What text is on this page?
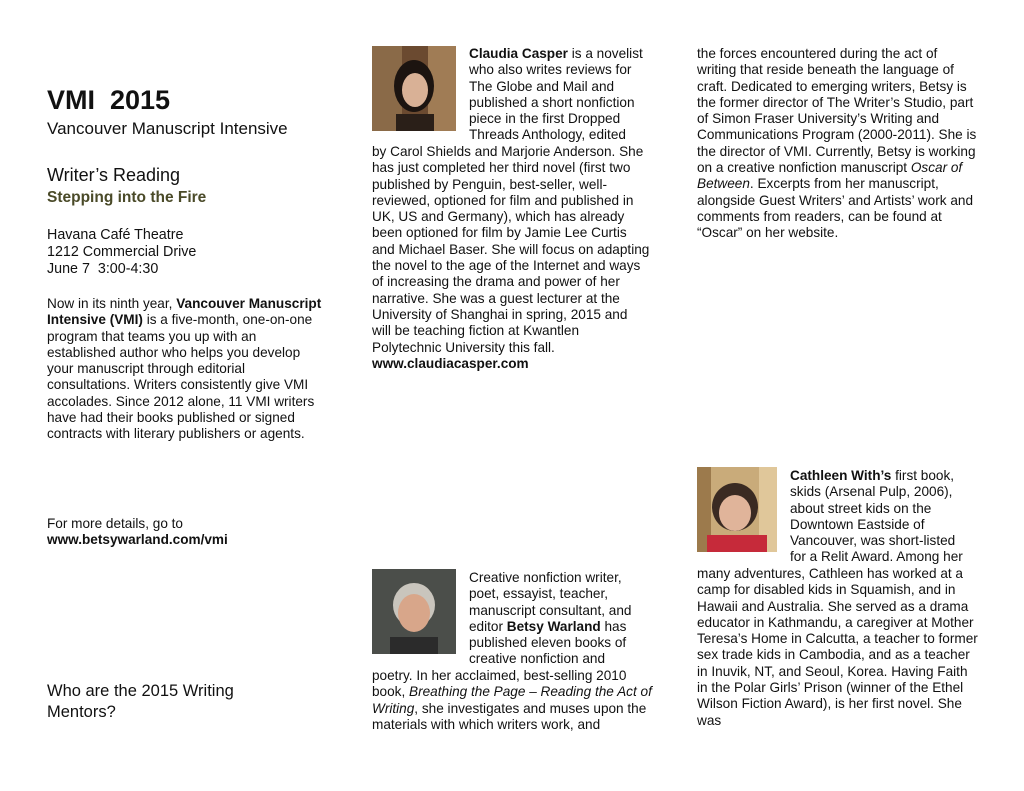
VMI  2015
Vancouver Manuscript Intensive
Writer’s Reading
Stepping into the Fire
Havana Café Theatre
1212 Commercial Drive
June 7  3:00-4:30
Now in its ninth year, Vancouver Manuscript Intensive (VMI) is a five-month, one-on-one program that teams you up with an established author who helps you develop your manuscript through editorial consultations. Writers consistently give VMI accolades. Since 2012 alone, 11 VMI writers have had their books published or signed contracts with literary publishers or agents.
For more details, go to
www.betsywarland.com/vmi
Who are the 2015 Writing Mentors?
Claudia Casper is a novelist
who also writes reviews for
The Globe and Mail and
published a short nonfiction
piece in the first Dropped
Threads Anthology, edited
by Carol Shields and Marjorie Anderson. She has just completed her third novel (first two published by Penguin, best-seller, well-reviewed, optioned for film and published in UK, US and Germany), which has already been optioned for film by Jamie Lee Curtis and Michael Baser. She will focus on adapting the novel to the age of the Internet and ways of increasing the drama and power of her narrative. She was a guest lecturer at the University of Shanghai in spring, 2015 and will be teaching fiction at Kwantlen Polytechnic University this fall.
www.claudiacasper.com
Creative nonfiction writer,
poet, essayist, teacher,
manuscript consultant, and
editor Betsy Warland has
published eleven books of
creative nonfiction and
poetry. In her acclaimed, best-selling 2010 book, Breathing the Page – Reading the Act of Writing, she investigates and muses upon the materials with which writers work, and
the forces encountered during the act of writing that reside beneath the language of craft. Dedicated to emerging writers, Betsy is the former director of The Writer’s Studio, part of Simon Fraser University’s Writing and Communications Program (2000-2011). She is the director of VMI. Currently, Betsy is working on a creative nonfiction manuscript Oscar of Between. Excerpts from her manuscript, alongside Guest Writers’ and Artists’ work and comments from readers, can be found at “Oscar” on her website.
Cathleen With’s first book,
skids (Arsenal Pulp, 2006),
about street kids on the
Downtown Eastside of
Vancouver, was short-listed
for a Relit Award. Among her
many adventures, Cathleen has worked at a camp for disabled kids in Squamish, and in Hawaii and Australia. She served as a drama educator in Kathmandu, a caregiver at Mother Teresa’s Home in Calcutta, a teacher to former sex trade kids in Cambodia, and as a teacher in Inuvik, NT, and Seoul, Korea. Having Faith in the Polar Girls’ Prison (winner of the Ethel Wilson Fiction Award), is her first novel. She was
